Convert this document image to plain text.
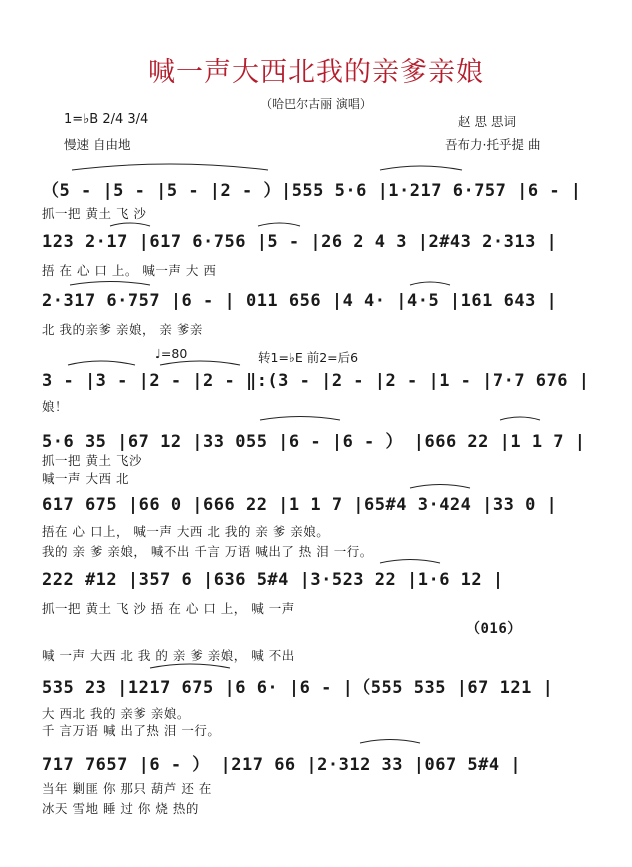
喊一声大西北我的亲爹亲娘
（哈巴尔古丽 演唱）
1=♭B 2/4 3/4
慢速 自由地
赵 思 思词
吾布力·托乎提 曲
（5 - |5 - |5 - |2 - ）|555 5·6 |1·217 6·757 |6 - |
抓一把 黄土 飞 沙
123 2·17 |617 6·756 |5 - |26 2 4 3 |2#43 2·313 |
捂 在 心 口 上。 喊一声 大 西
2·317 6·757 |6 - | 011 656 |4 4· |4·5 |161 643 |
北 我的亲爹 亲娘， 亲 爹亲
♩=80	转1=♭E 前2=后6
3 - |3 - |2 - |2 - ‖:(3 - |2 - |2 - |1 - |7·7 676 |
娘！
5·6 35 |67 12 |33 055 |6 - |6 - ） |666 22 |1 1 7 |
抓一把 黄土 飞沙
喊一声 大西 北
617 675 |66 0 |666 22 |1 1 7 |65#4 3·424 |33 0 |
捂在 心 口上， 喊一声 大西 北 我的 亲 爹 亲娘。
我的 亲 爹 亲娘， 喊不出 千言 万语 喊出了 热 泪 一行。
222 #12 |357 6 |636 5#4 |3·523 22 |1·6 12 |
抓一把 黄土 飞 沙 捂 在 心 口 上， 喊 一声
（016）
喊 一声 大西 北 我 的 亲 爹 亲娘， 喊 不出
535 23 |1217 675 |6 6· |6 - |（555 535 |67 121 |
大 西北 我的 亲爹 亲娘。
千 言万语 喊 出了热 泪 一行。
717 7657 |6 - ） |217 66 |2·312 33 |067 5#4 |
当年 剿匪 你 那只 葫芦 还 在
冰天 雪地 睡 过 你 烧 热的
